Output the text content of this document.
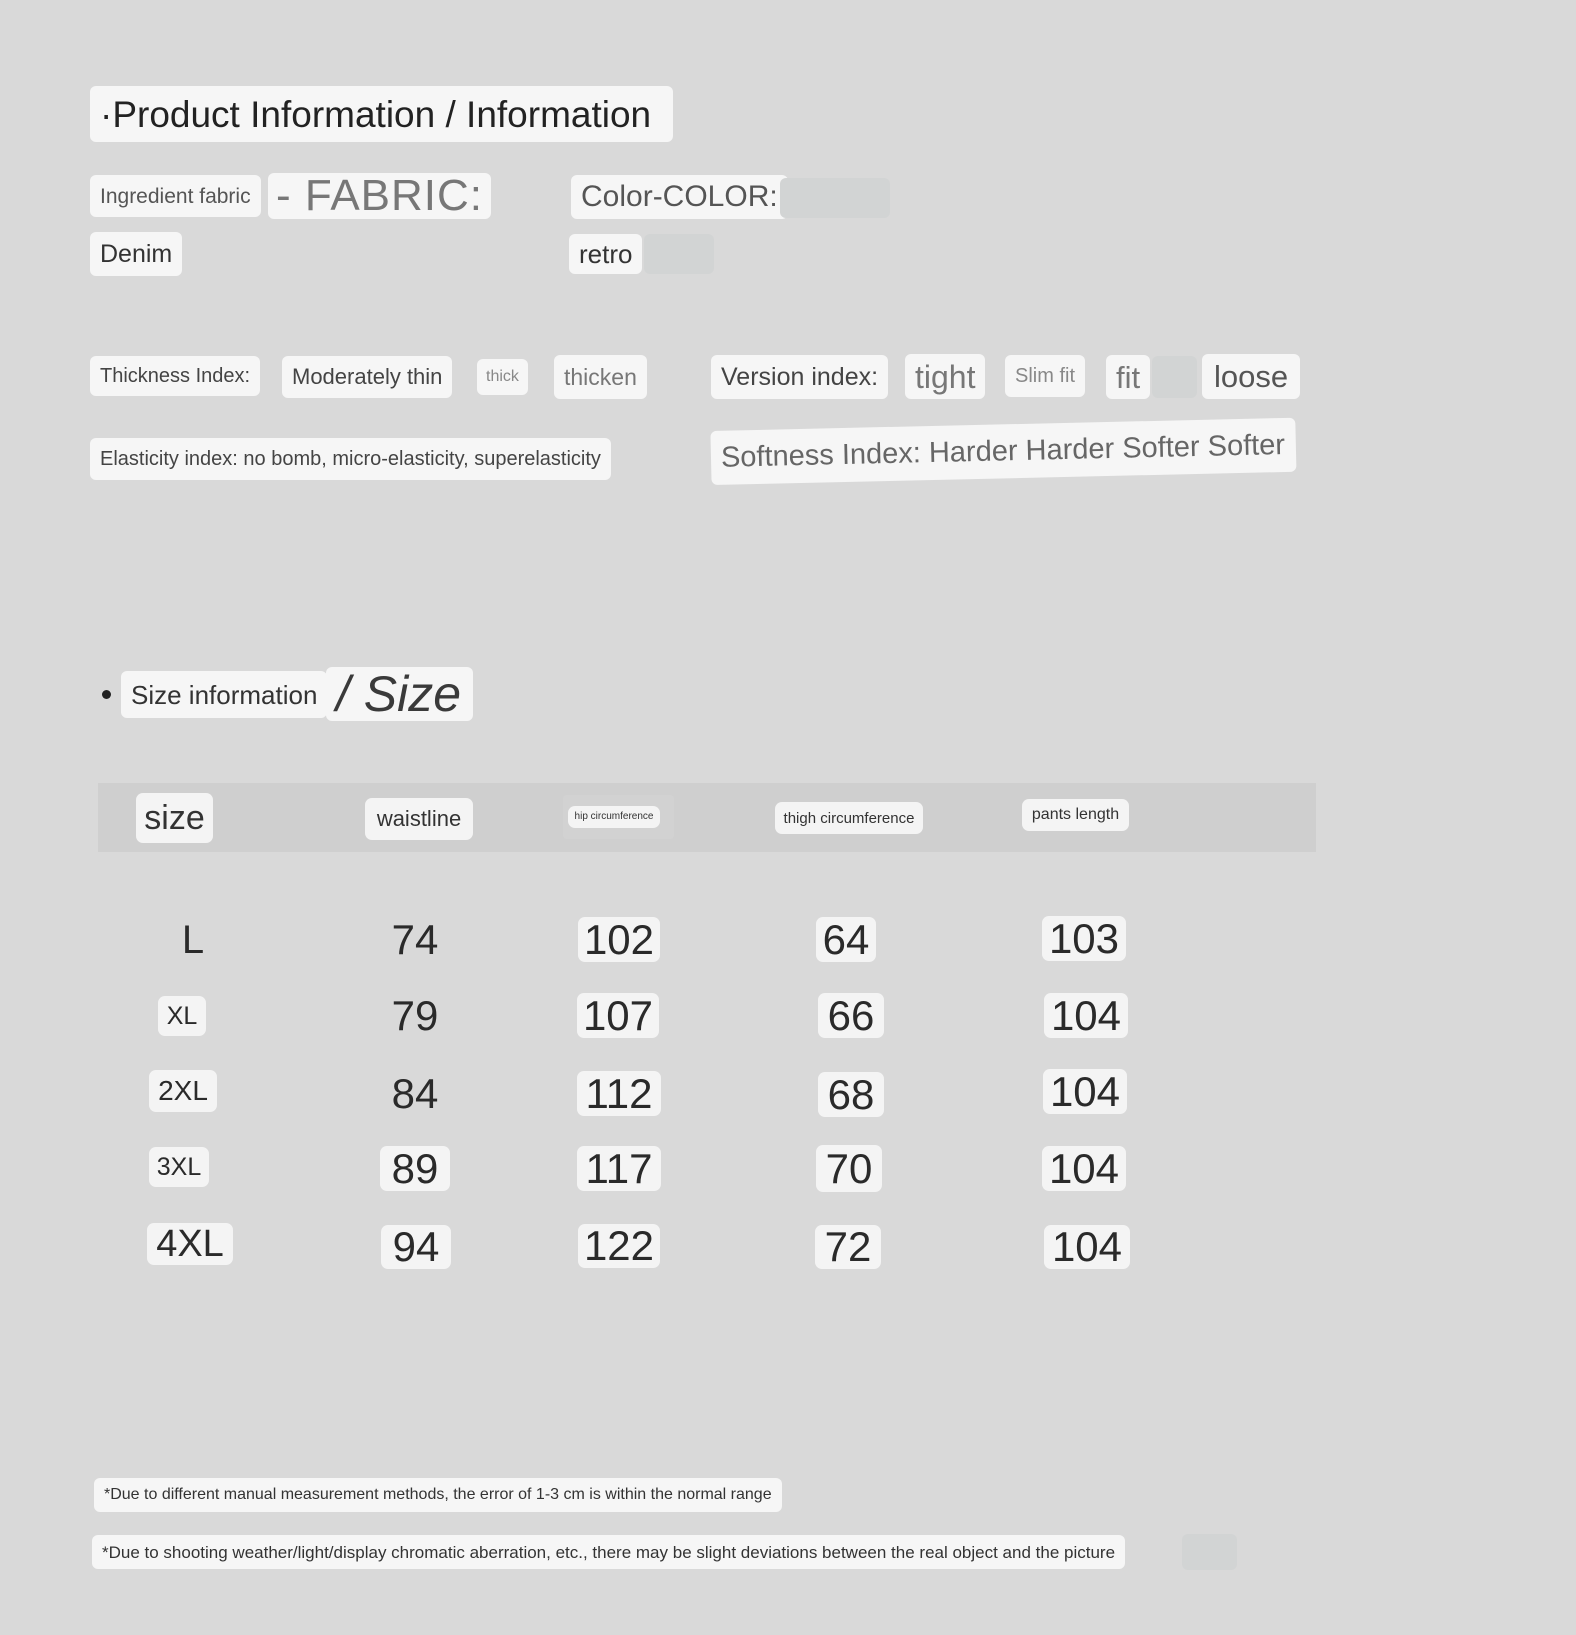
·Product Information / Information
Ingredient fabric - FABRIC:
Denim
Color-COLOR:
retro
Thickness Index:	Moderately thin	thick	thicken	Version index:	tight	Slim fit	fit	loose
Elasticity index: no bomb, micro-elasticity, superelasticity	Softness Index: Harder Harder Softer Softer
Size information / Size
size	waistline	hip circumference	thigh circumference	pants length
L	74	102	64	103
XL	79	107	66	104
2XL	84	112	68	104
3XL	89	117	70	104
4XL	94	122	72	104
*Due to different manual measurement methods, the error of 1-3 cm is within the normal range
*Due to shooting weather/light/display chromatic aberration, etc., there may be slight deviations between the real object and the picture
